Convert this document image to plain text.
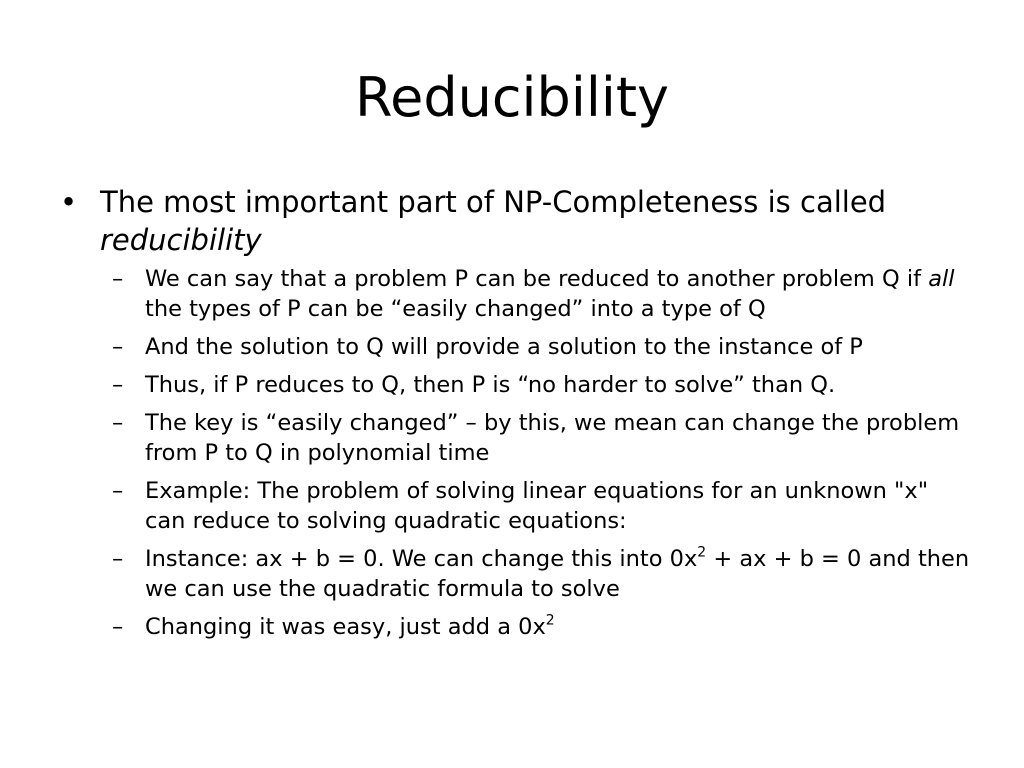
Reducibility
• The most important part of NP-Completeness is called reducibility
– We can say that a problem P can be reduced to another problem Q if all the types of P can be “easily changed” into a type of Q
– And the solution to Q will provide a solution to the instance of P
– Thus, if P reduces to Q, then P is “no harder to solve” than Q.
– The key is “easily changed” – by this, we mean can change the problem from P to Q in polynomial time
– Example: The problem of solving linear equations for an unknown "x" can reduce to solving quadratic equations:
– Instance: ax + b = 0. We can change this into $0x^2$ + ax + b = 0 and then we can use the quadratic formula to solve
– Changing it was easy, just add a $0x^2$
